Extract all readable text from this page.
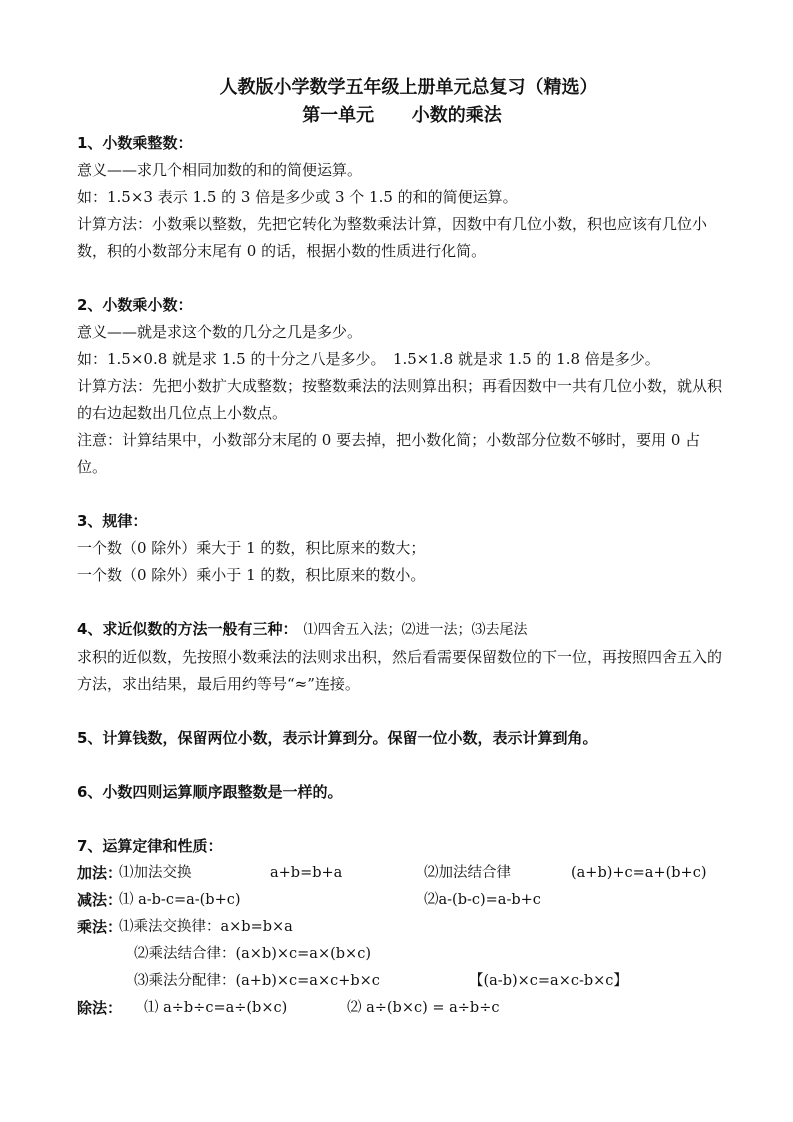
人教版小学数学五年级上册单元总复习（精选）
第一单元      小数的乘法
1、小数乘整数：
意义——求几个相同加数的和的简便运算。
如：1.5×3 表示 1.5 的 3 倍是多少或 3 个 1.5 的和的简便运算。
计算方法：小数乘以整数，先把它转化为整数乘法计算，因数中有几位小数，积也应该有几位小数，积的小数部分末尾有 0 的话，根据小数的性质进行化简。
2、小数乘小数：
意义——就是求这个数的几分之几是多少。
如：1.5×0.8 就是求 1.5 的十分之八是多少。　1.5×1.8 就是求 1.5 的 1.8 倍是多少。
计算方法：先把小数扩大成整数；按整数乘法的法则算出积；再看因数中一共有几位小数，就从积的右边起数出几位点上小数点。
注意：计算结果中，小数部分末尾的 0 要去掉，把小数化简；小数部分位数不够时，要用 0 占位。
3、规律：
一个数（0 除外）乘大于 1 的数，积比原来的数大；
一个数（0 除外）乘小于 1 的数，积比原来的数小。
4、求近似数的方法一般有三种： ⑴四舍五入法；⑵进一法；⑶去尾法
求积的近似数，先按照小数乘法的法则求出积，然后看需要保留数位的下一位，再按照四舍五入的方法，求出结果，最后用约等号“≈”连接。
5、计算钱数，保留两位小数，表示计算到分。保留一位小数，表示计算到角。
6、小数四则运算顺序跟整数是一样的。
7、运算定律和性质：
加法：
⑴加法交换	a+b=b+a	⑵加法结合律	(a+b)+c=a+(b+c)
减法：
⑴ a-b-c=a-(b+c)	⑵a-(b-c)=a-b+c
乘法：
⑴乘法交换律：a×b=b×a
⑵乘法结合律：(a×b)×c=a×(b×c)
⑶乘法分配律：(a+b)×c=a×c+b×c	【(a-b)×c=a×c-b×c】
除法： ⑴ a÷b÷c=a÷(b×c)	⑵ a÷(b×c) = a÷b÷c
